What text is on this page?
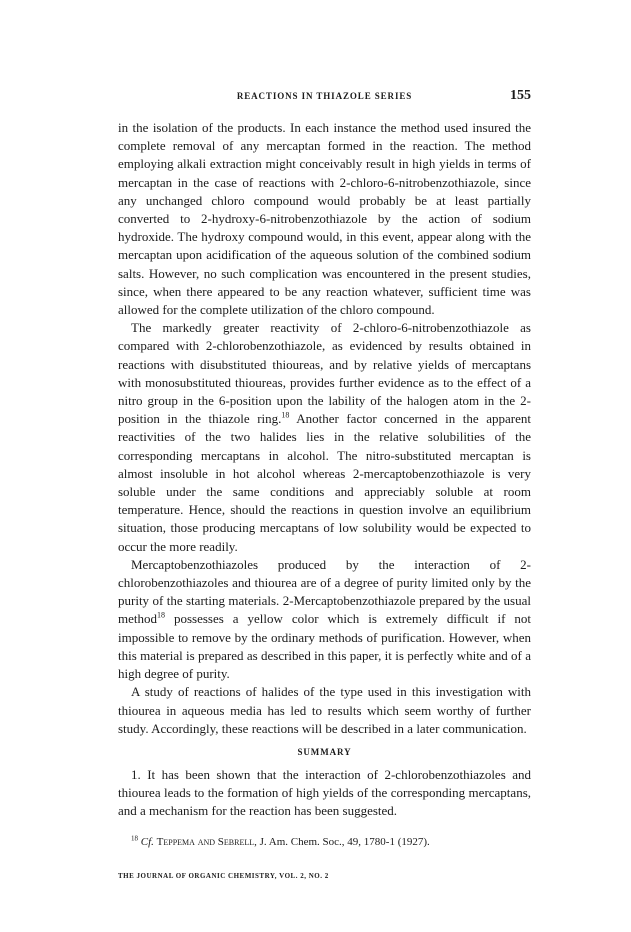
REACTIONS IN THIAZOLE SERIES	155

in the isolation of the products. In each instance the method used insured the complete removal of any mercaptan formed in the reaction. The method employing alkali extraction might conceivably result in high yields in terms of mercaptan in the case of reactions with 2-chloro-6-nitrobenzothiazole, since any unchanged chloro compound would probably be at least partially converted to 2-hydroxy-6-nitrobenzothiazole by the action of sodium hydroxide. The hydroxy compound would, in this event, appear along with the mercaptan upon acidification of the aqueous solution of the combined sodium salts. However, no such complication was encountered in the present studies, since, when there appeared to be any reaction whatever, sufficient time was allowed for the complete utilization of the chloro compound.

The markedly greater reactivity of 2-chloro-6-nitrobenzothiazole as compared with 2-chlorobenzothiazole, as evidenced by results obtained in reactions with disubstituted thioureas, and by relative yields of mercaptans with monosubstituted thioureas, provides further evidence as to the effect of a nitro group in the 6-position upon the lability of the halogen atom in the 2-position in the thiazole ring.$^{18}$ Another factor concerned in the apparent reactivities of the two halides lies in the relative solubilities of the corresponding mercaptans in alcohol. The nitro-substituted mercaptan is almost insoluble in hot alcohol whereas 2-mercaptobenzothiazole is very soluble under the same conditions and appreciably soluble at room temperature. Hence, should the reactions in question involve an equilibrium situation, those producing mercaptans of low solubility would be expected to occur the more readily.

Mercaptobenzothiazoles produced by the interaction of 2-chlorobenzothiazoles and thiourea are of a degree of purity limited only by the purity of the starting materials. 2-Mercaptobenzothiazole prepared by the usual method$^{18}$ possesses a yellow color which is extremely difficult if not impossible to remove by the ordinary methods of purification. However, when this material is prepared as described in this paper, it is perfectly white and of a high degree of purity.

A study of reactions of halides of the type used in this investigation with thiourea in aqueous media has led to results which seem worthy of further study. Accordingly, these reactions will be described in a later communication.

SUMMARY

1. It has been shown that the interaction of 2-chlorobenzothiazoles and thiourea leads to the formation of high yields of the corresponding mercaptans, and a mechanism for the reaction has been suggested.

$^{18}$ Cf. Teppema and Sebrell, J. Am. Chem. Soc., 49, 1780-1 (1927).
THE JOURNAL OF ORGANIC CHEMISTRY, VOL. 2, NO. 2
